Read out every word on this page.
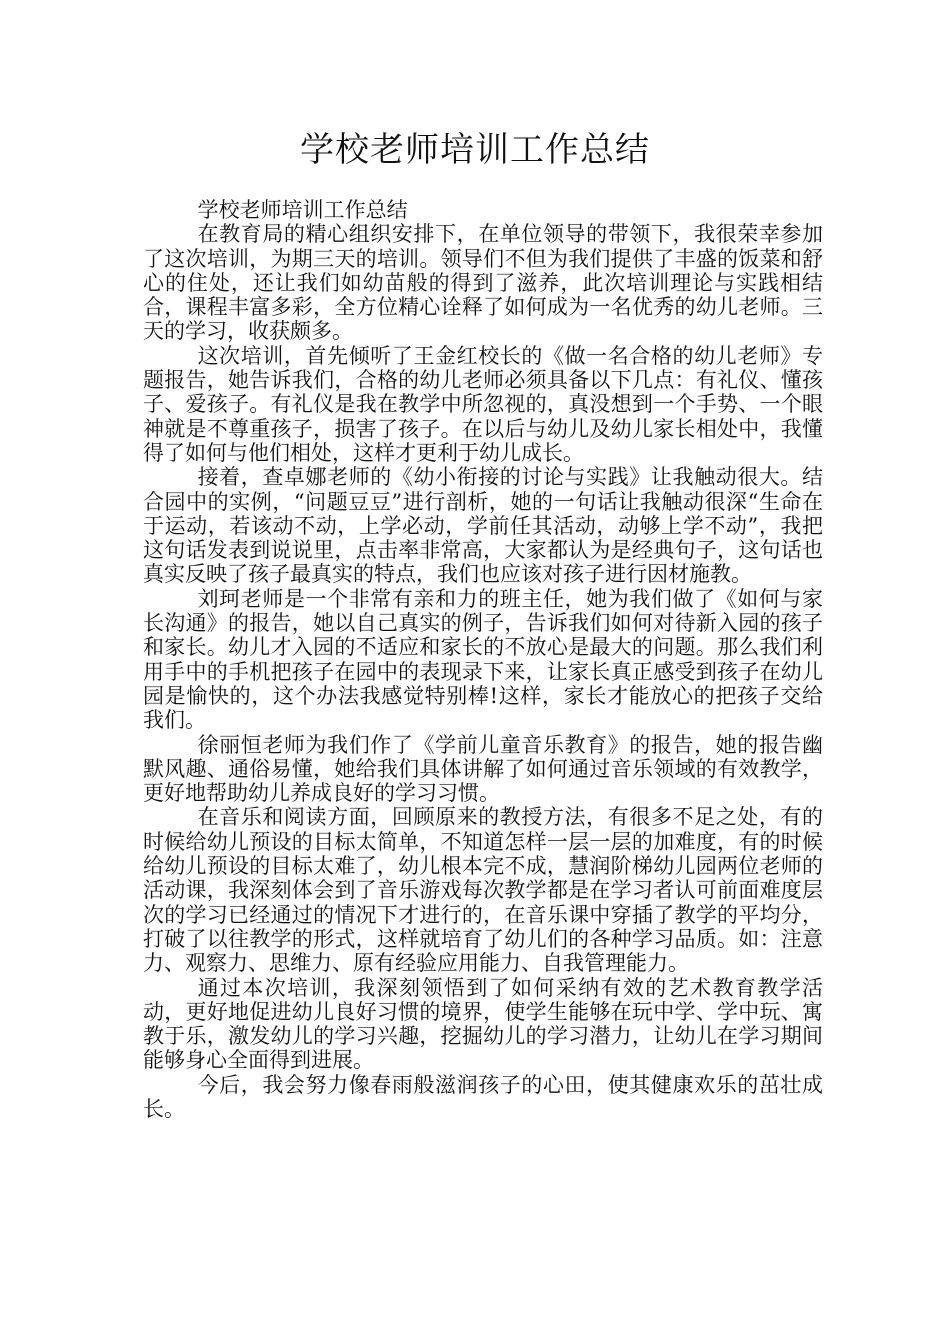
学校老师培训工作总结

学校老师培训工作总结

在教育局的精心组织安排下，在单位领导的带领下，我很荣幸参加了这次培训，为期三天的培训。领导们不但为我们提供了丰盛的饭菜和舒心的住处，还让我们如幼苗般的得到了滋养，此次培训理论与实践相结合，课程丰富多彩，全方位精心诠释了如何成为一名优秀的幼儿老师。三天的学习，收获颇多。

这次培训，首先倾听了王金红校长的《做一名合格的幼儿老师》专题报告，她告诉我们，合格的幼儿老师必须具备以下几点：有礼仪、懂孩子、爱孩子。有礼仪是我在教学中所忽视的，真没想到一个手势、一个眼神就是不尊重孩子，损害了孩子。在以后与幼儿及幼儿家长相处中，我懂得了如何与他们相处，这样才更利于幼儿成长。

接着，查卓娜老师的《幼小衔接的讨论与实践》让我触动很大。结合园中的实例，“问题豆豆”进行剖析，她的一句话让我触动很深“生命在于运动，若该动不动，上学必动，学前任其活动，动够上学不动”，我把这句话发表到说说里，点击率非常高，大家都认为是经典句子，这句话也真实反映了孩子最真实的特点，我们也应该对孩子进行因材施教。

刘珂老师是一个非常有亲和力的班主任，她为我们做了《如何与家长沟通》的报告，她以自己真实的例子，告诉我们如何对待新入园的孩子和家长。幼儿才入园的不适应和家长的不放心是最大的问题。那么我们利用手中的手机把孩子在园中的表现录下来，让家长真正感受到孩子在幼儿园是愉快的，这个办法我感觉特别棒!这样，家长才能放心的把孩子交给我们。

徐丽恒老师为我们作了《学前儿童音乐教育》的报告，她的报告幽默风趣、通俗易懂，她给我们具体讲解了如何通过音乐领域的有效教学，更好地帮助幼儿养成良好的学习习惯。

在音乐和阅读方面，回顾原来的教授方法，有很多不足之处，有的时候给幼儿预设的目标太简单，不知道怎样一层一层的加难度，有的时候给幼儿预设的目标太难了，幼儿根本完不成，慧润阶梯幼儿园两位老师的活动课，我深刻体会到了音乐游戏每次教学都是在学习者认可前面难度层次的学习已经通过的情况下才进行的，在音乐课中穿插了教学的平均分，打破了以往教学的形式，这样就培育了幼儿们的各种学习品质。如：注意力、观察力、思维力、原有经验应用能力、自我管理能力。

通过本次培训，我深刻领悟到了如何采纳有效的艺术教育教学活动，更好地促进幼儿良好习惯的境界，使学生能够在玩中学、学中玩、寓教于乐，激发幼儿的学习兴趣，挖掘幼儿的学习潜力，让幼儿在学习期间能够身心全面得到进展。

今后，我会努力像春雨般滋润孩子的心田，使其健康欢乐的茁壮成长。
